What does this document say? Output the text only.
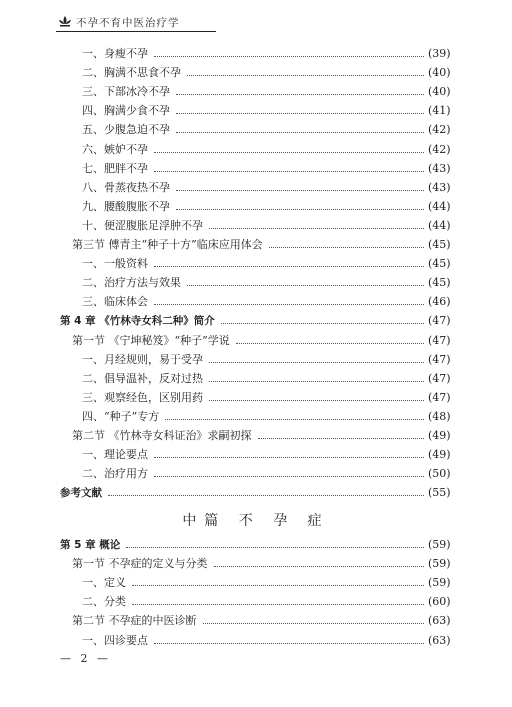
不孕不育中医治疗学
一、身瘦不孕	(39)
二、胸满不思食不孕	(40)
三、下部冰冷不孕	(40)
四、胸满少食不孕	(41)
五、少腹急迫不孕	(42)
六、嫉妒不孕	(42)
七、肥胖不孕	(43)
八、骨蒸夜热不孕	(43)
九、腰酸腹胀不孕	(44)
十、便涩腹胀足浮肿不孕	(44)
第三节 傅青主“种子十方”临床应用体会	(45)
一、一般资料	(45)
二、治疗方法与效果	(45)
三、临床体会	(46)
第 4 章 《竹林寺女科二种》简介	(47)
第一节 《宁坤秘笈》“种子”学说	(47)
一、月经规则，易于受孕	(47)
二、倡导温补，反对过热	(47)
三、观察经色，区别用药	(47)
四、“种子”专方	(48)
第二节 《竹林寺女科证治》求嗣初探	(49)
一、理论要点	(49)
二、治疗用方	(50)
参考文献	(55)
中篇 不 孕 症
第 5 章 概论	(59)
第一节 不孕症的定义与分类	(59)
一、定义	(59)
二、分类	(60)
第二节 不孕症的中医诊断	(63)
一、四诊要点	(63)
— 2 —
